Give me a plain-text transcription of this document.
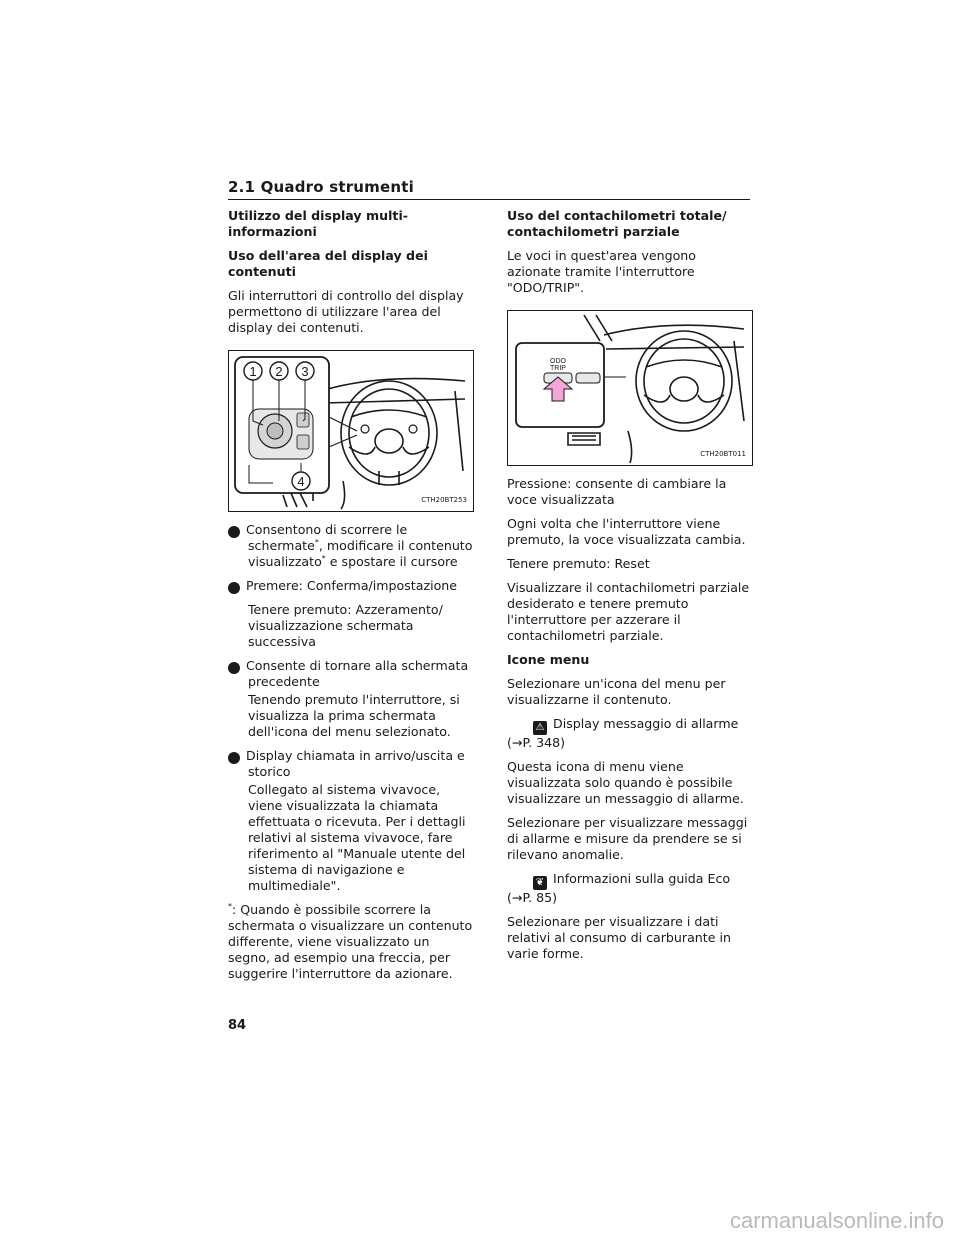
2.1 Quadro strumenti

Utilizzo del display multi-informazioni

Uso dell'area del display dei contenuti

Gli interruttori di controllo del display permettono di utilizzare l'area del display dei contenuti.

1 2 3
4
CTH20BT253

1 Consentono di scorrere le schermate*, modificare il contenuto visualizzato* e spostare il cursore

2 Premere: Conferma/impostazione

Tenere premuto: Azzeramento/ visualizzazione schermata successiva

3 Consente di tornare alla schermata precedente

Tenendo premuto l'interruttore, si visualizza la prima schermata dell'icona del menu selezionato.

4 Display chiamata in arrivo/uscita e storico

Collegato al sistema vivavoce, viene visualizzata la chiamata effettuata o ricevuta. Per i dettagli relativi al sistema vivavoce, fare riferimento al "Manuale utente del sistema di navigazione e multimediale".

*: Quando è possibile scorrere la schermata o visualizzare un contenuto differente, viene visualizzato un segno, ad esempio una freccia, per suggerire l'interruttore da azionare.

Uso del contachilometri totale/ contachilometri parziale

Le voci in quest'area vengono azionate tramite l'interruttore "ODO/TRIP".

ODO
TRIP
CTH20BT011

Pressione: consente di cambiare la voce visualizzata

Ogni volta che l'interruttore viene premuto, la voce visualizzata cambia.

Tenere premuto: Reset

Visualizzare il contachilometri parziale desiderato e tenere premuto l'interruttore per azzerare il contachilometri parziale.

Icone menu

Selezionare un'icona del menu per visualizzarne il contenuto.

⚠ Display messaggio di allarme
(→P. 348)

Questa icona di menu viene visualizzata solo quando è possibile visualizzare un messaggio di allarme.

Selezionare per visualizzare messaggi di allarme e misure da prendere se si rilevano anomalie.

❦ Informazioni sulla guida Eco
(→P. 85)

Selezionare per visualizzare i dati relativi al consumo di carburante in varie forme.

84
carmanualsonline.info
